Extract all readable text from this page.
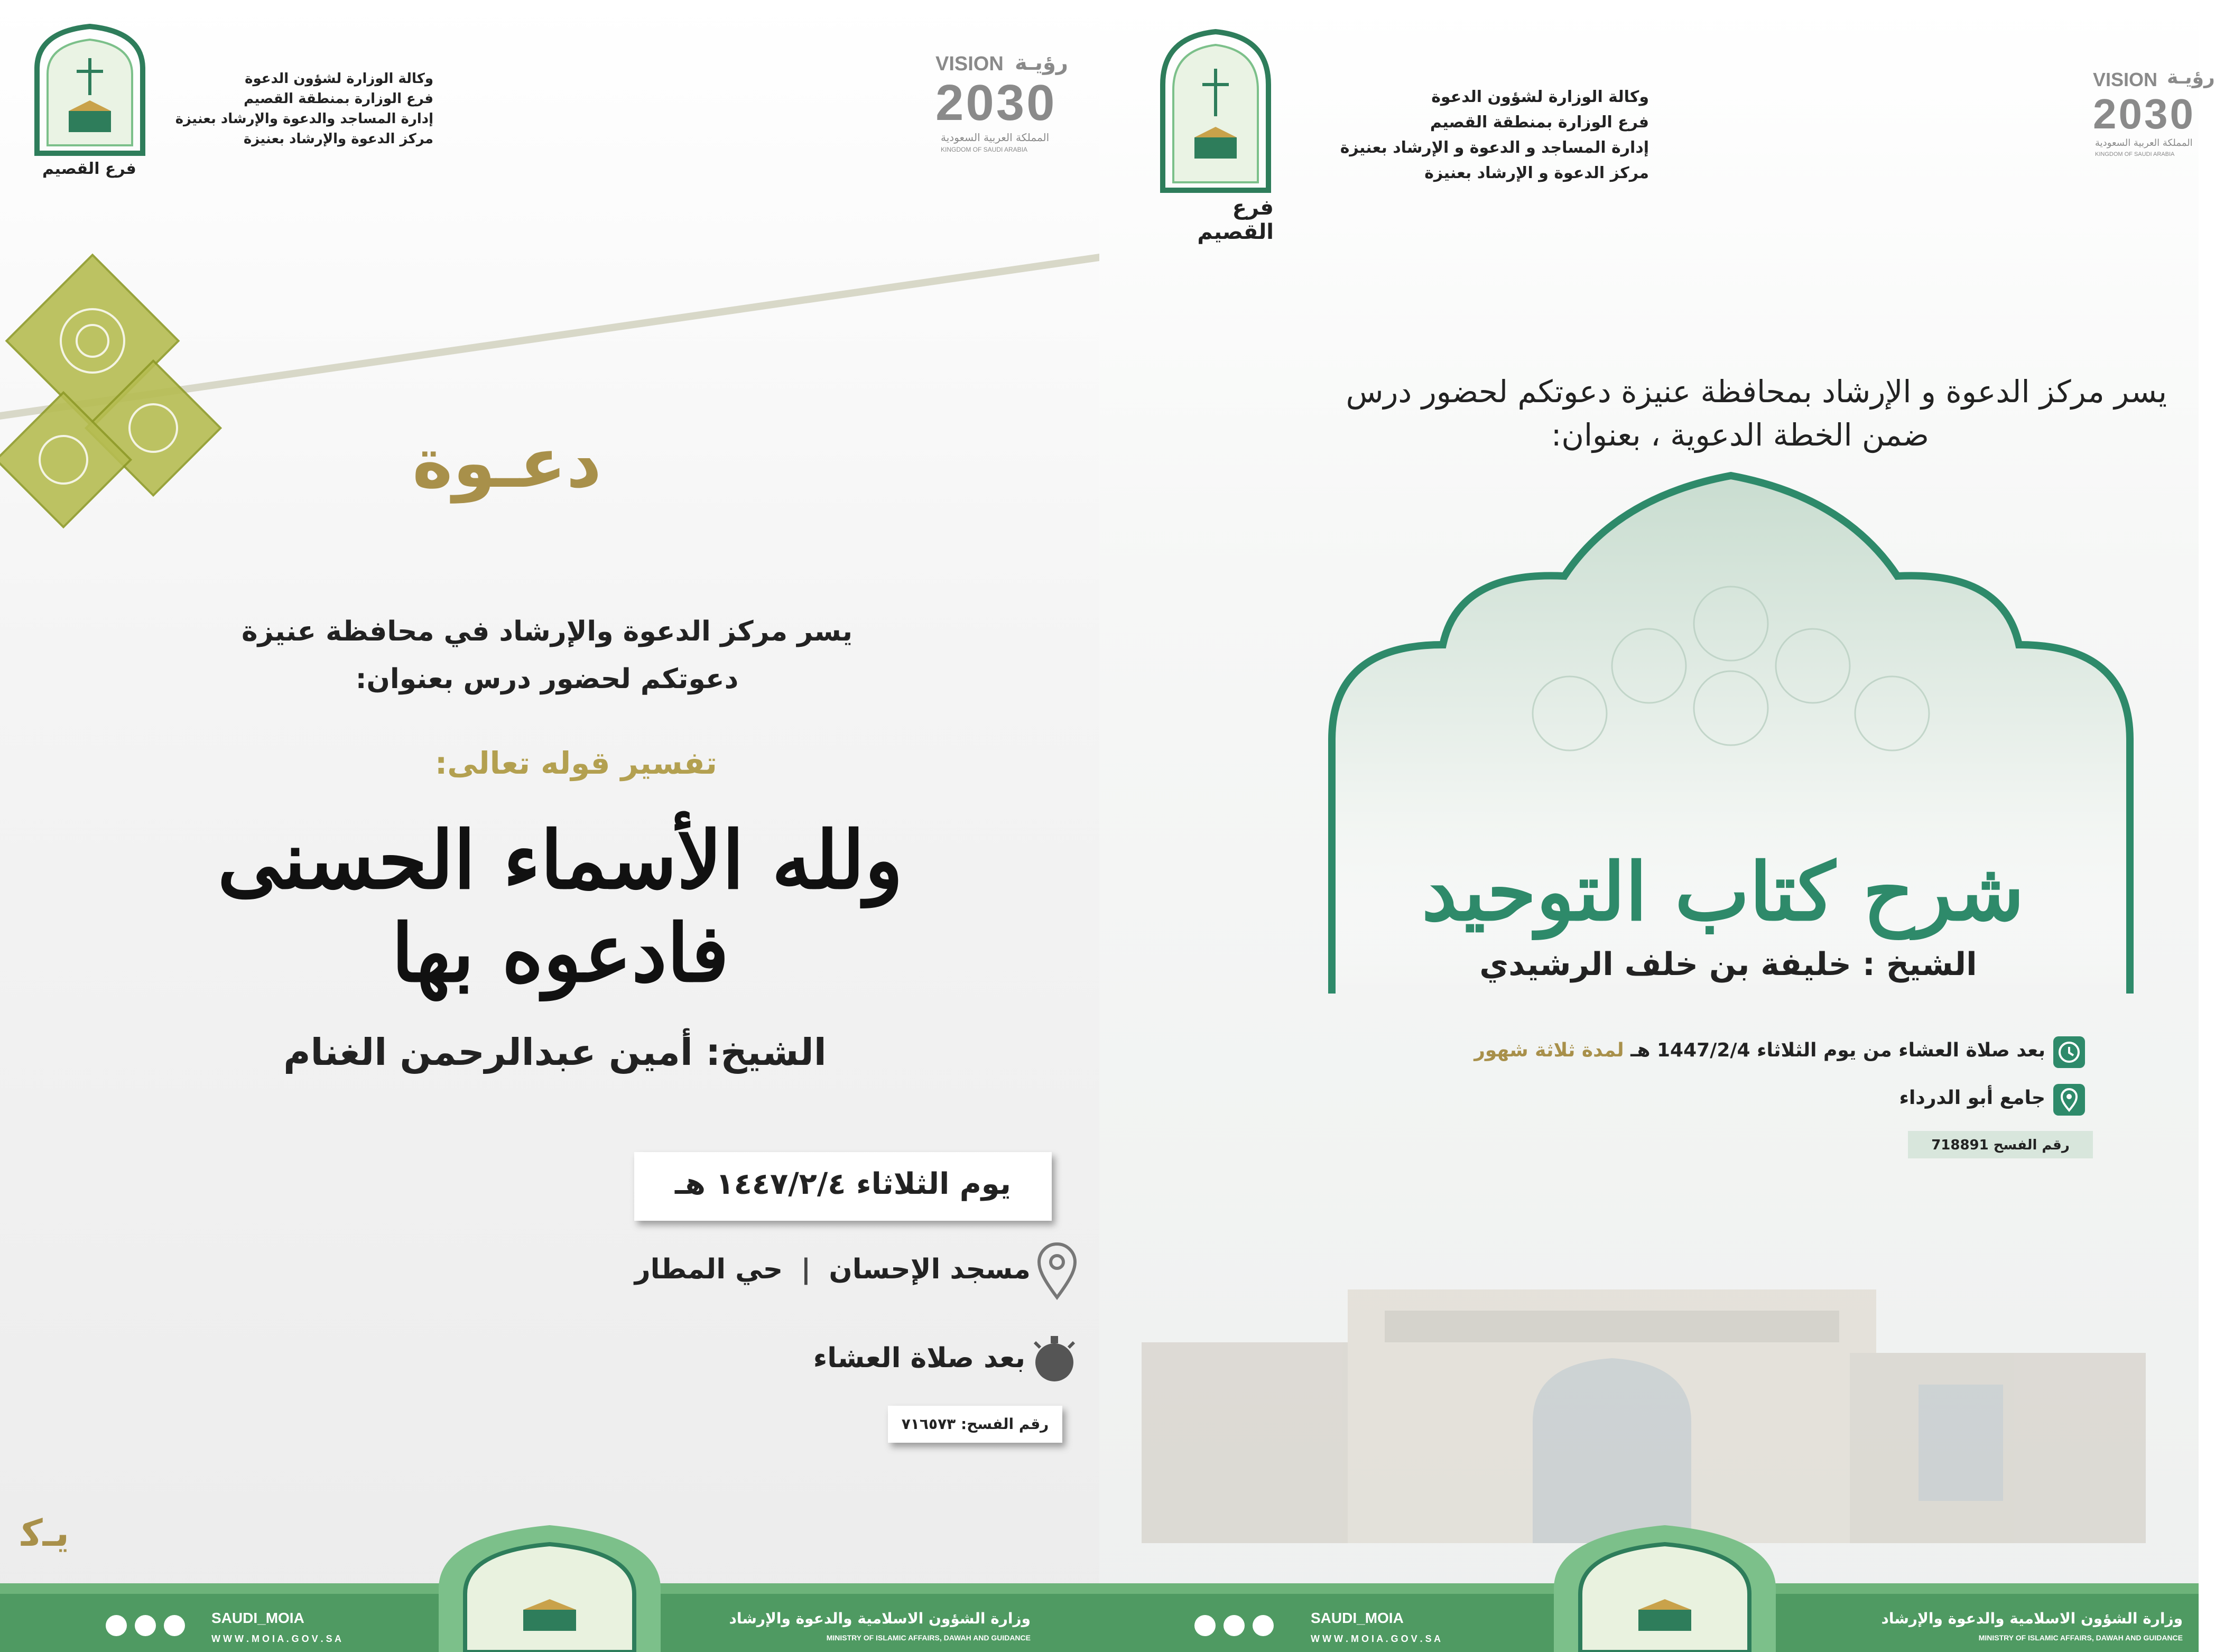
فرع القصيم
وكالة الوزارة لشؤون الدعوة
فرع الوزارة بمنطقة القصيم
إدارة المساجد والدعوة والإرشاد بعنيزة
مركز الدعوة والإرشاد بعنيزة
VISION رؤيـة
2030
المملكة العربية السعودية
KINGDOM OF SAUDI ARABIA
دعـوة
يسر مركز الدعوة والإرشاد في محافظة عنيزة
دعوتكم لحضور درس بعنوان:
تفسير قوله تعالى:
ولله الأسماء الحسنى فادعوه بها
الشيخ: أمين عبدالرحمن الغنام
يوم الثلاثاء ١٤٤٧/٢/٤ هـ
مسجد الإحسان | حي المطار
بعد صلاة العشاء
رقم الفسح: ٧١٦٥٧٣
يـﮐ
SAUDI_MOIA
W W W . M O I A . G O V . S A
وزارة الشؤون الاسلامية والدعوة والإرشاد
MINISTRY OF ISLAMIC AFFAIRS, DAWAH AND GUIDANCE
فرع القصيم
وكالة الوزارة لشؤون الدعوة
فرع الوزارة بمنطقة القصيم
إدارة المساجد و الدعوة و الإرشاد بعنيزة
مركز الدعوة و الإرشاد بعنيزة
VISION رؤيـة
2030
المملكة العربية السعودية
KINGDOM OF SAUDI ARABIA
يسر مركز الدعوة و الإرشاد بمحافظة عنيزة دعوتكم لحضور درس
ضمن الخطة الدعوية ، بعنوان:
شرح كتاب التوحيد
الشيخ : خليفة بن خلف الرشيدي
بعد صلاة العشاء من يوم الثلاثاء 1447/2/4 هـ لمدة ثلاثة شهور
جامع أبو الدرداء
رقم الفسح 718891
SAUDI_MOIA
W W W . M O I A . G O V . S A
وزارة الشؤون الاسلامية والدعوة والإرشاد
MINISTRY OF ISLAMIC AFFAIRS, DAWAH AND GUIDANCE
